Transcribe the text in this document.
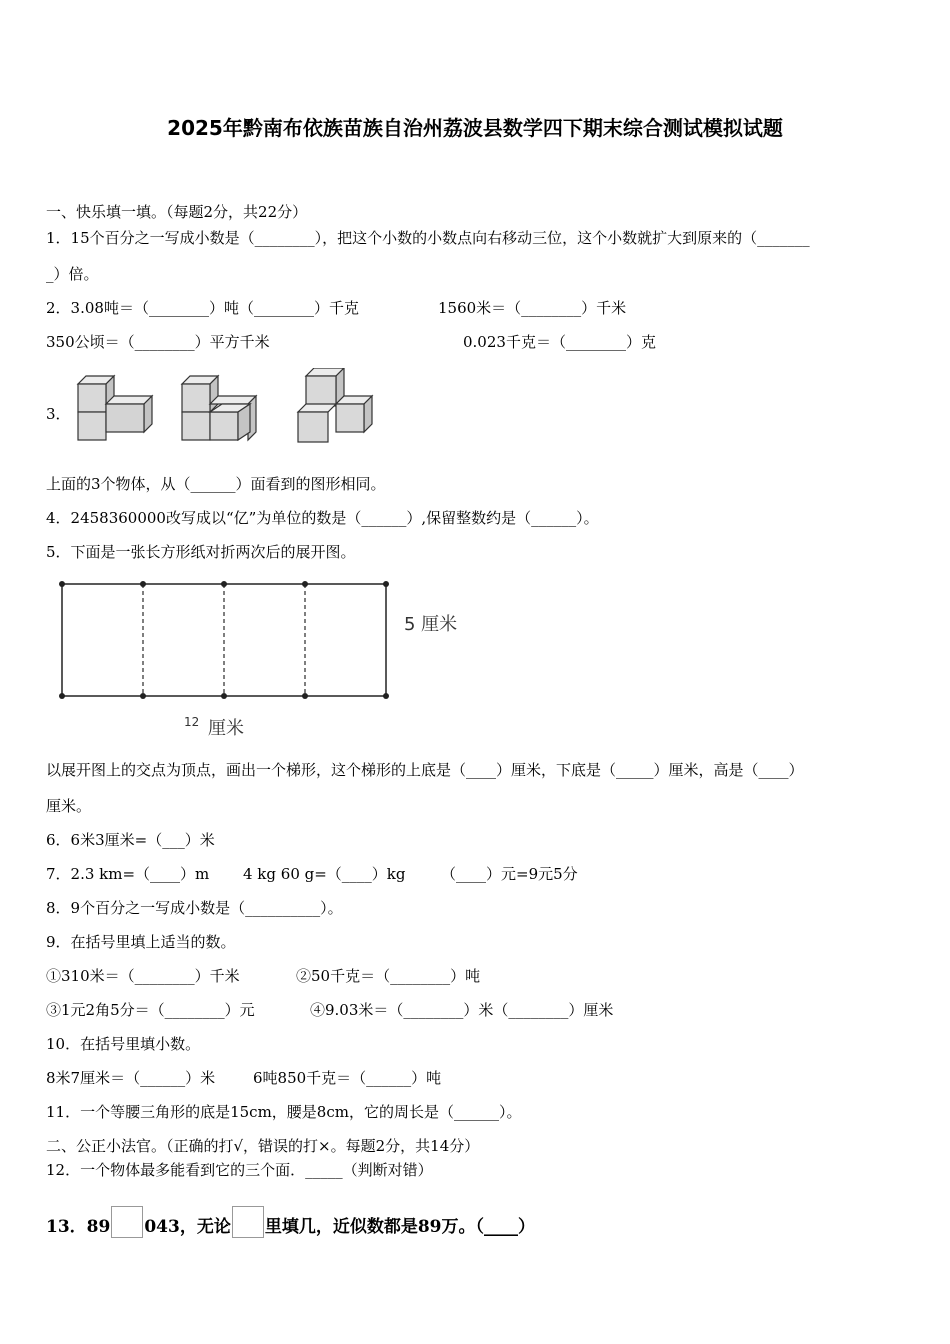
2025年黔南布依族苗族自治州荔波县数学四下期末综合测试模拟试题
一、快乐填一填。（每题2分，共22分）
1．15个百分之一写成小数是（________），把这个小数的小数点向右移动三位，这个小数就扩大到原来的（_______
_）倍。
2．3.08吨＝（________）吨（________）千克	1560米＝（________）千米
350公顷＝（________）平方千米	0.023千克＝（________）克
3．
上面的3个物体，从（______）面看到的图形相同。
4．2458360000改写成以“亿”为单位的数是（______）,保留整数约是（______）。
5．下面是一张长方形纸对折两次后的展开图。
5 厘米
12 厘米
以展开图上的交点为顶点，画出一个梯形，这个梯形的上底是（____）厘米，下底是（_____）厘米，高是（____）
厘米。
6．6米3厘米=（___）米
7．2.3 km=（____）m 4 kg 60 g=（____）kg （____）元=9元5分
8．9个百分之一写成小数是（__________）。
9．在括号里填上适当的数。
①310米＝（________）千米	②50千克＝（________）吨
③1元2角5分＝（________）元	④9.03米＝（________）米（________）厘米
10．在括号里填小数。
8米7厘米＝（______）米	6吨850千克＝（______）吨
11．一个等腰三角形的底是15cm，腰是8cm，它的周长是（______）。
二、公正小法官。（正确的打√，错误的打×。每题2分，共14分）
12．一个物体最多能看到它的三个面．_____（判断对错）
13．89 043，无论 里填几，近似数都是89万。（____）
